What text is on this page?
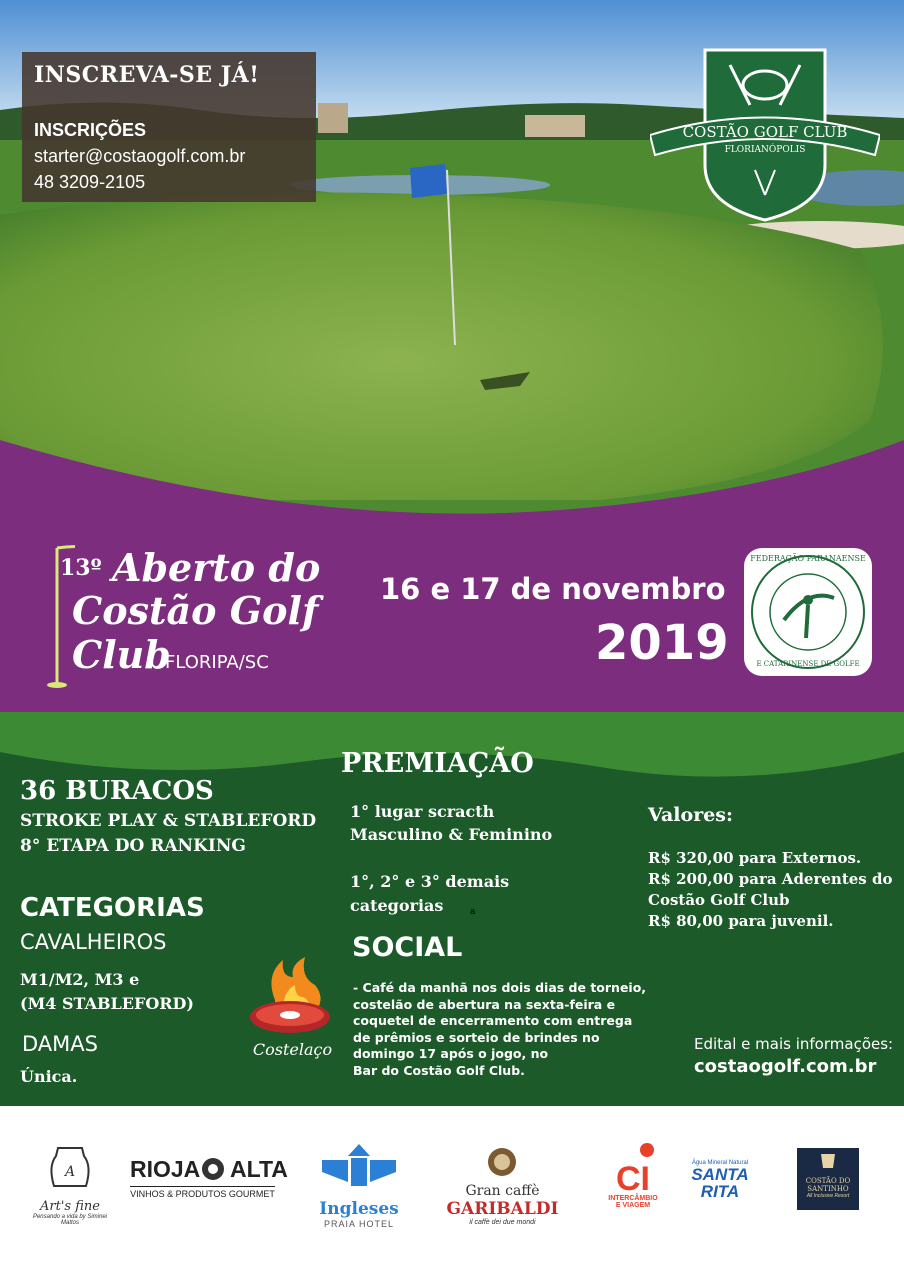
INSCREVA-SE JÁ!
INSCRIÇÕES
starter@costaogolf.com.br
48 3209-2105
COSTÃO GOLF CLUB
FLORIANÓPOLIS
13º Aberto do
Costão Golf
Club
FLORIPA/SC
16 e 17 de novembro
2019
FEDERAÇÃO PARANAENSE
E CATARINENSE DE GOLFE
36 BURACOS
STROKE PLAY & STABLEFORD
8° ETAPA DO RANKING
CATEGORIAS
CAVALHEIROS
M1/M2, M3 e
(M4 STABLEFORD)
DAMAS
Única.
Costelaço
PREMIAÇÃO
1° lugar scracth
Masculino & Feminino
1°, 2° e 3° demais
categorias	a
SOCIAL
- Café da manhã nos dois dias de torneio,
costelão de abertura na sexta-feira e
coquetel de encerramento com entrega
de prêmios e sorteio de brindes no
domingo 17 após o jogo, no
Bar do Costão Golf Club.
Valores:
R$ 320,00 para Externos.
R$ 200,00 para Aderentes do
Costão Golf Club
R$ 80,00 para juvenil.
Edital e mais informações:
costaogolf.com.br
A
Art's fine
Pensando a vida by Siminei Mattos
RIOJA ALTA
VINHOS & PRODUTOS GOURMET
Ingleses
PRAIA HOTEL
Gran caffè
GARIBALDI
il caffè dei due mondi
CI
INTERCÂMBIO
E VIAGEM
Água Mineral Natural
SANTA RITA
COSTÃO DO SANTINHO
All Inclusive Resort
